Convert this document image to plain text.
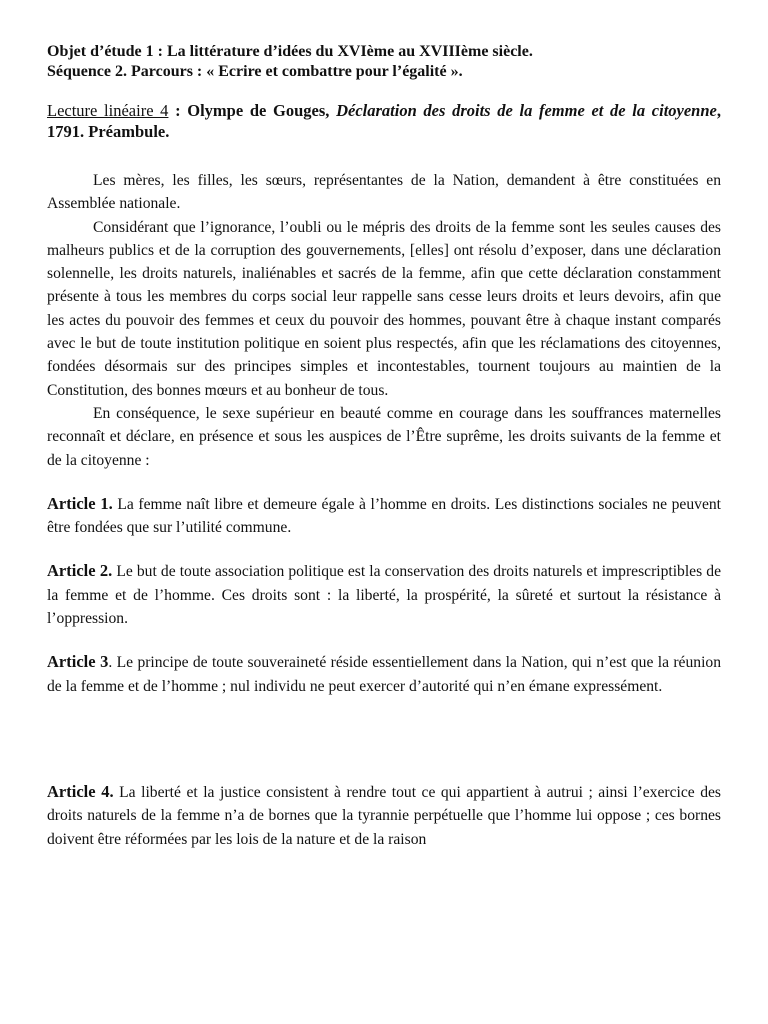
Objet d’étude 1 : La littérature d’idées du XVIème au XVIIIème siècle.

Séquence 2. Parcours : « Ecrire et combattre pour l’égalité ».

Lecture linéaire 4 : Olympe de Gouges, Déclaration des droits de la femme et de la citoyenne, 1791. Préambule.

Les mères, les filles, les sœurs, représentantes de la Nation, demandent à être constituées en Assemblée nationale.

Considérant que l’ignorance, l’oubli ou le mépris des droits de la femme sont les seules causes des malheurs publics et de la corruption des gouvernements, [elles] ont résolu d’exposer, dans une déclaration solennelle, les droits naturels, inaliénables et sacrés de la femme, afin que cette déclaration constamment présente à tous les membres du corps social leur rappelle sans cesse leurs droits et leurs devoirs, afin que les actes du pouvoir des femmes et ceux du pouvoir des hommes, pouvant être à chaque instant comparés avec le but de toute institution politique en soient plus respectés, afin que les réclamations des citoyennes, fondées désormais sur des principes simples et incontestables, tournent toujours au maintien de la Constitution, des bonnes mœurs et au bonheur de tous.

En conséquence, le sexe supérieur en beauté comme en courage dans les souffrances maternelles reconnaît et déclare, en présence et sous les auspices de l’Être suprême, les droits suivants de la femme et de la citoyenne :

Article 1. La femme naît libre et demeure égale à l’homme en droits. Les distinctions sociales ne peuvent être fondées que sur l’utilité commune.

Article 2. Le but de toute association politique est la conservation des droits naturels et imprescriptibles de la femme et de l’homme. Ces droits sont : la liberté, la prospérité, la sûreté et surtout la résistance à l’oppression.

Article 3. Le principe de toute souveraineté réside essentiellement dans la Nation, qui n’est que la réunion de la femme et de l’homme ; nul individu ne peut exercer d’autorité qui n’en émane expressément.

Article 4. La liberté et la justice consistent à rendre tout ce qui appartient à autrui ; ainsi l’exercice des droits naturels de la femme n’a de bornes que la tyrannie perpétuelle que l’homme lui oppose ; ces bornes doivent être réformées par les lois de la nature et de la raison
